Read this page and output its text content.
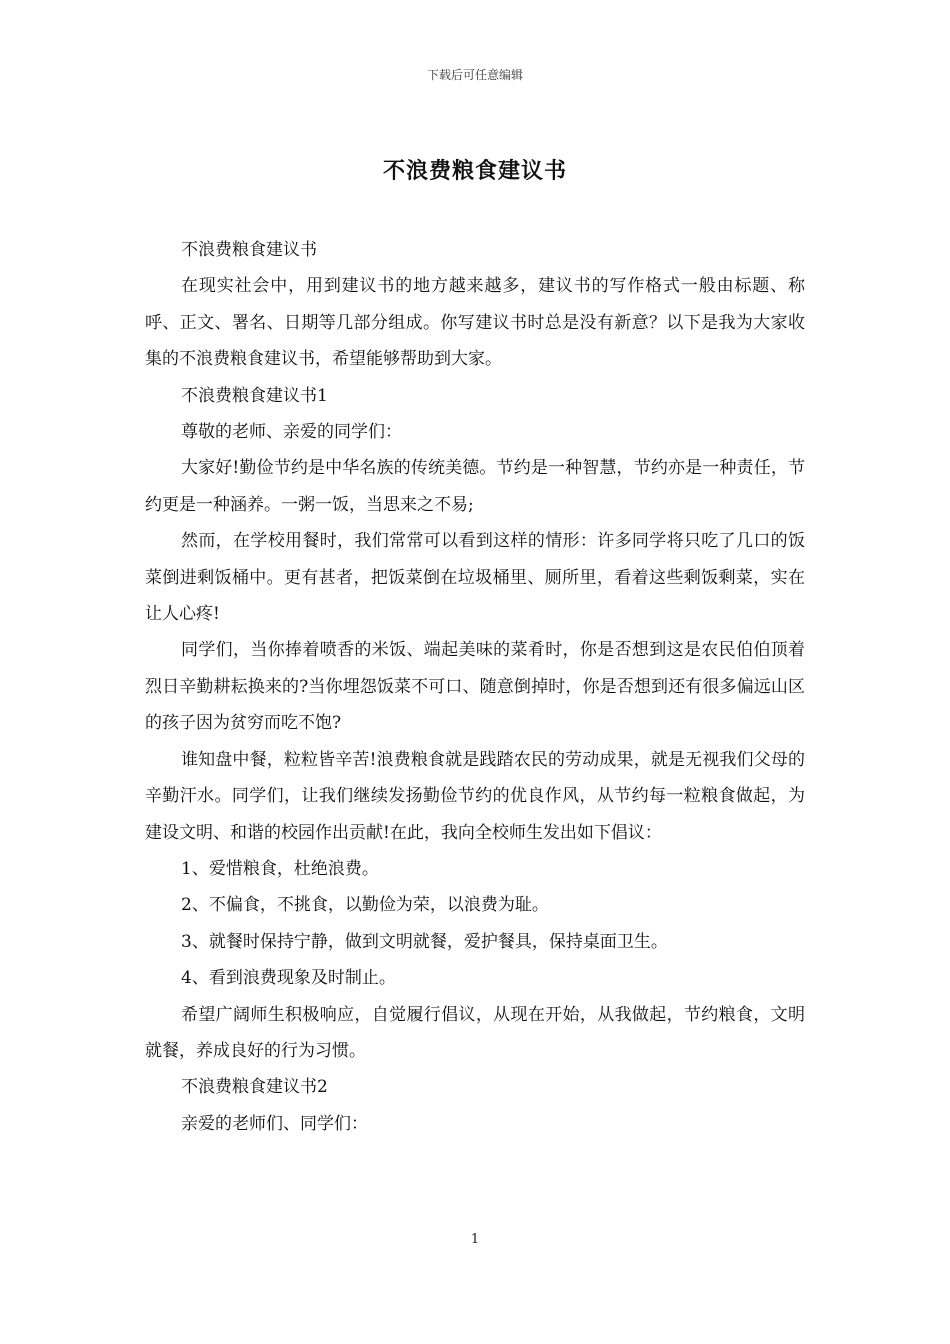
下载后可任意编辑
不浪费粮食建议书

不浪费粮食建议书

在现实社会中，用到建议书的地方越来越多，建议书的写作格式一般由标题、称呼、正文、署名、日期等几部分组成。你写建议书时总是没有新意？以下是我为大家收集的不浪费粮食建议书，希望能够帮助到大家。

不浪费粮食建议书1

尊敬的老师、亲爱的同学们：

大家好!勤俭节约是中华名族的传统美德。节约是一种智慧，节约亦是一种责任，节约更是一种涵养。一粥一饭，当思来之不易;

然而，在学校用餐时，我们常常可以看到这样的情形：许多同学将只吃了几口的饭菜倒进剩饭桶中。更有甚者，把饭菜倒在垃圾桶里、厕所里，看着这些剩饭剩菜，实在让人心疼!

同学们，当你捧着喷香的米饭、端起美味的菜肴时，你是否想到这是农民伯伯顶着烈日辛勤耕耘换来的?当你埋怨饭菜不可口、随意倒掉时，你是否想到还有很多偏远山区的孩子因为贫穷而吃不饱?

谁知盘中餐，粒粒皆辛苦!浪费粮食就是践踏农民的劳动成果，就是无视我们父母的辛勤汗水。同学们，让我们继续发扬勤俭节约的优良作风，从节约每一粒粮食做起，为建设文明、和谐的校园作出贡献!在此，我向全校师生发出如下倡议：

1、爱惜粮食，杜绝浪费。

2、不偏食，不挑食，以勤俭为荣，以浪费为耻。

3、就餐时保持宁静，做到文明就餐，爱护餐具，保持桌面卫生。

4、看到浪费现象及时制止。

希望广阔师生积极响应，自觉履行倡议，从现在开始，从我做起，节约粮食，文明就餐，养成良好的行为习惯。

不浪费粮食建议书2

亲爱的老师们、同学们：

1
